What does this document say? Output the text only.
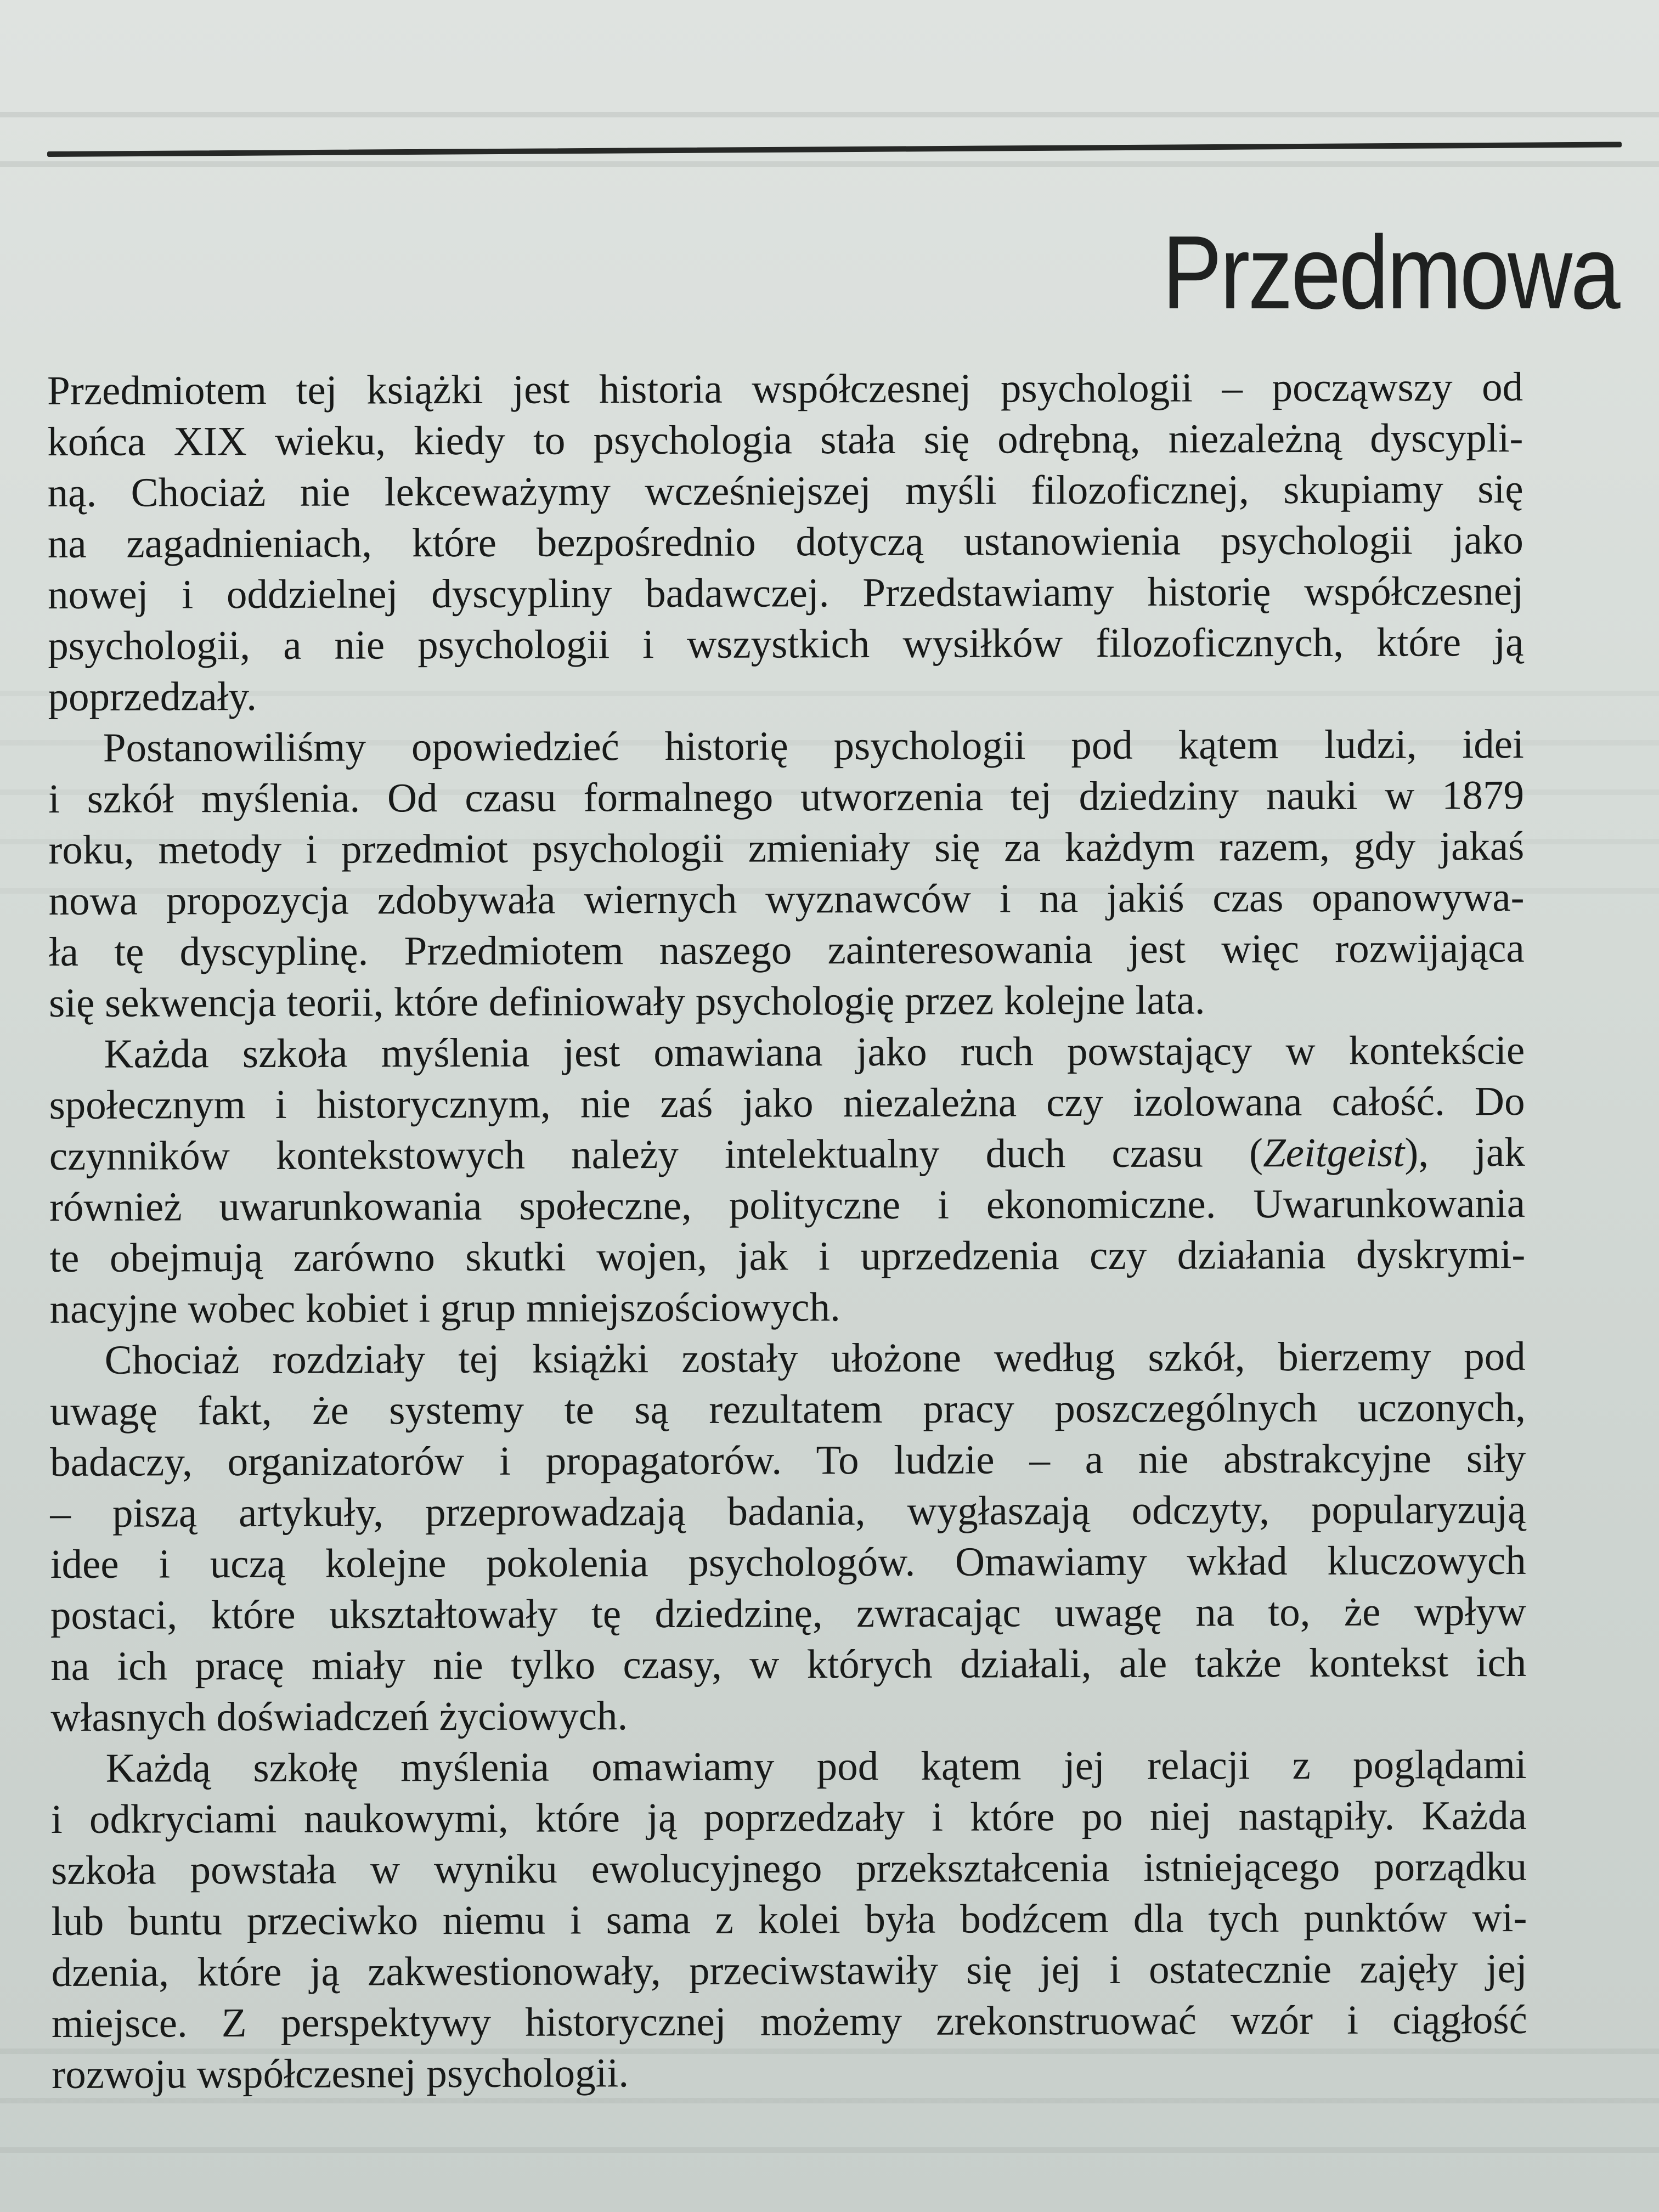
Przedmowa

Przedmiotem tej książki jest historia współczesnej psychologii – począwszy od
końca XIX wieku, kiedy to psychologia stała się odrębną, niezależną dyscypli-
ną. Chociaż nie lekceważymy wcześniejszej myśli filozoficznej, skupiamy się
na zagadnieniach, które bezpośrednio dotyczą ustanowienia psychologii jako
nowej i oddzielnej dyscypliny badawczej. Przedstawiamy historię współczesnej
psychologii, a nie psychologii i wszystkich wysiłków filozoficznych, które ją
poprzedzały.

Postanowiliśmy opowiedzieć historię psychologii pod kątem ludzi, idei
i szkół myślenia. Od czasu formalnego utworzenia tej dziedziny nauki w 1879
roku, metody i przedmiot psychologii zmieniały się za każdym razem, gdy jakaś
nowa propozycja zdobywała wiernych wyznawców i na jakiś czas opanowywa-
ła tę dyscyplinę. Przedmiotem naszego zainteresowania jest więc rozwijająca
się sekwencja teorii, które definiowały psychologię przez kolejne lata.

Każda szkoła myślenia jest omawiana jako ruch powstający w kontekście
społecznym i historycznym, nie zaś jako niezależna czy izolowana całość. Do
czynników kontekstowych należy intelektualny duch czasu (Zeitgeist), jak
również uwarunkowania społeczne, polityczne i ekonomiczne. Uwarunkowania
te obejmują zarówno skutki wojen, jak i uprzedzenia czy działania dyskrymi-
nacyjne wobec kobiet i grup mniejszościowych.

Chociaż rozdziały tej książki zostały ułożone według szkół, bierzemy pod
uwagę fakt, że systemy te są rezultatem pracy poszczególnych uczonych,
badaczy, organizatorów i propagatorów. To ludzie – a nie abstrakcyjne siły
– piszą artykuły, przeprowadzają badania, wygłaszają odczyty, popularyzują
idee i uczą kolejne pokolenia psychologów. Omawiamy wkład kluczowych
postaci, które ukształtowały tę dziedzinę, zwracając uwagę na to, że wpływ
na ich pracę miały nie tylko czasy, w których działali, ale także kontekst ich
własnych doświadczeń życiowych.

Każdą szkołę myślenia omawiamy pod kątem jej relacji z poglądami
i odkryciami naukowymi, które ją poprzedzały i które po niej nastąpiły. Każda
szkoła powstała w wyniku ewolucyjnego przekształcenia istniejącego porządku
lub buntu przeciwko niemu i sama z kolei była bodźcem dla tych punktów wi-
dzenia, które ją zakwestionowały, przeciwstawiły się jej i ostatecznie zajęły jej
miejsce. Z perspektywy historycznej możemy zrekonstruować wzór i ciągłość
rozwoju współczesnej psychologii.
